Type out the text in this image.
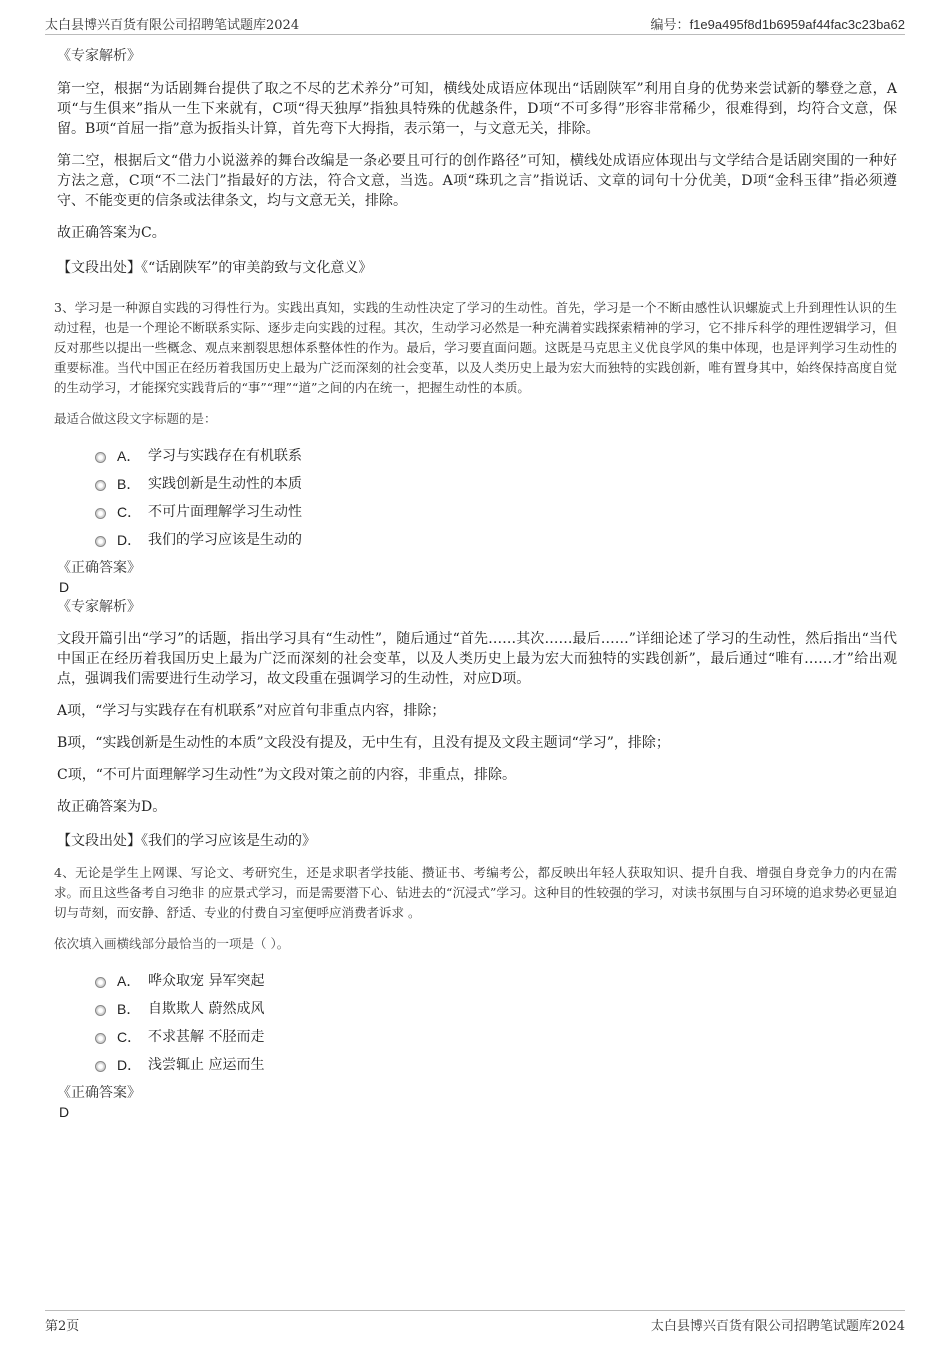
太白县博兴百货有限公司招聘笔试题库2024	编号：f1e9a495f8d1b6959af44fac3c23ba62
《专家解析》

第一空，根据“为话剧舞台提供了取之不尽的艺术养分”可知，横线处成语应体现出“话剧陕军”利用自身的优势来尝试新的攀登之意，A项“与生俱来”指从一生下来就有，C项“得天独厚”指独具特殊的优越条件，D项“不可多得”形容非常稀少，很难得到，均符合文意，保留。B项“首屈一指”意为扳指头计算，首先弯下大拇指，表示第一，与文意无关，排除。

第二空，根据后文“借力小说滋养的舞台改编是一条必要且可行的创作路径”可知，横线处成语应体现出与文学结合是话剧突围的一种好方法之意，C项“不二法门”指最好的方法，符合文意，当选。A项“珠玑之言”指说话、文章的词句十分优美，D项“金科玉律”指必须遵守、不能变更的信条或法律条文，均与文意无关，排除。

故正确答案为C。

【文段出处】《“话剧陕军”的审美韵致与文化意义》

3、学习是一种源自实践的习得性行为。实践出真知，实践的生动性决定了学习的生动性。首先，学习是一个不断由感性认识螺旋式上升到理性认识的生动过程，也是一个理论不断联系实际、逐步走向实践的过程。其次，生动学习必然是一种充满着实践探索精神的学习，它不排斥科学的理性逻辑学习，但反对那些以提出一些概念、观点来割裂思想体系整体性的作为。最后，学习要直面问题。这既是马克思主义优良学风的集中体现，也是评判学习生动性的重要标准。当代中国正在经历着我国历史上最为广泛而深刻的社会变革，以及人类历史上最为宏大而独特的实践创新，唯有置身其中，始终保持高度自觉的生动学习，才能探究实践背后的“事”“理”“道”之间的内在统一，把握生动性的本质。

最适合做这段文字标题的是：
A． 学习与实践存在有机联系
B． 实践创新是生动性的本质
C． 不可片面理解学习生动性
D． 我们的学习应该是生动的
《正确答案》
D
《专家解析》

文段开篇引出“学习”的话题，指出学习具有“生动性”，随后通过“首先……其次……最后……”详细论述了学习的生动性，然后指出“当代中国正在经历着我国历史上最为广泛而深刻的社会变革，以及人类历史上最为宏大而独特的实践创新”，最后通过“唯有……才”给出观点，强调我们需要进行生动学习，故文段重在强调学习的生动性，对应D项。

A项，“学习与实践存在有机联系”对应首句非重点内容，排除；

B项，“实践创新是生动性的本质”文段没有提及，无中生有，且没有提及文段主题词“学习”，排除；

C项，“不可片面理解学习生动性”为文段对策之前的内容，非重点，排除。

故正确答案为D。

【文段出处】《我们的学习应该是生动的》

4、无论是学生上网课、写论文、考研究生，还是求职者学技能、攒证书、考编考公，都反映出年轻人获取知识、提升自我、增强自身竞争力的内在需求。而且这些备考自习绝非 的应景式学习，而是需要潜下心、钻进去的“沉浸式”学习。这种目的性较强的学习，对读书氛围与自习环境的追求势必更显迫切与苛刻，而安静、舒适、专业的付费自习室便呼应消费者诉求 。

依次填入画横线部分最恰当的一项是（ ）。
A． 哗众取宠 异军突起
B． 自欺欺人 蔚然成风
C． 不求甚解 不胫而走
D． 浅尝辄止 应运而生
《正确答案》
D
第2页	太白县博兴百货有限公司招聘笔试题库2024
